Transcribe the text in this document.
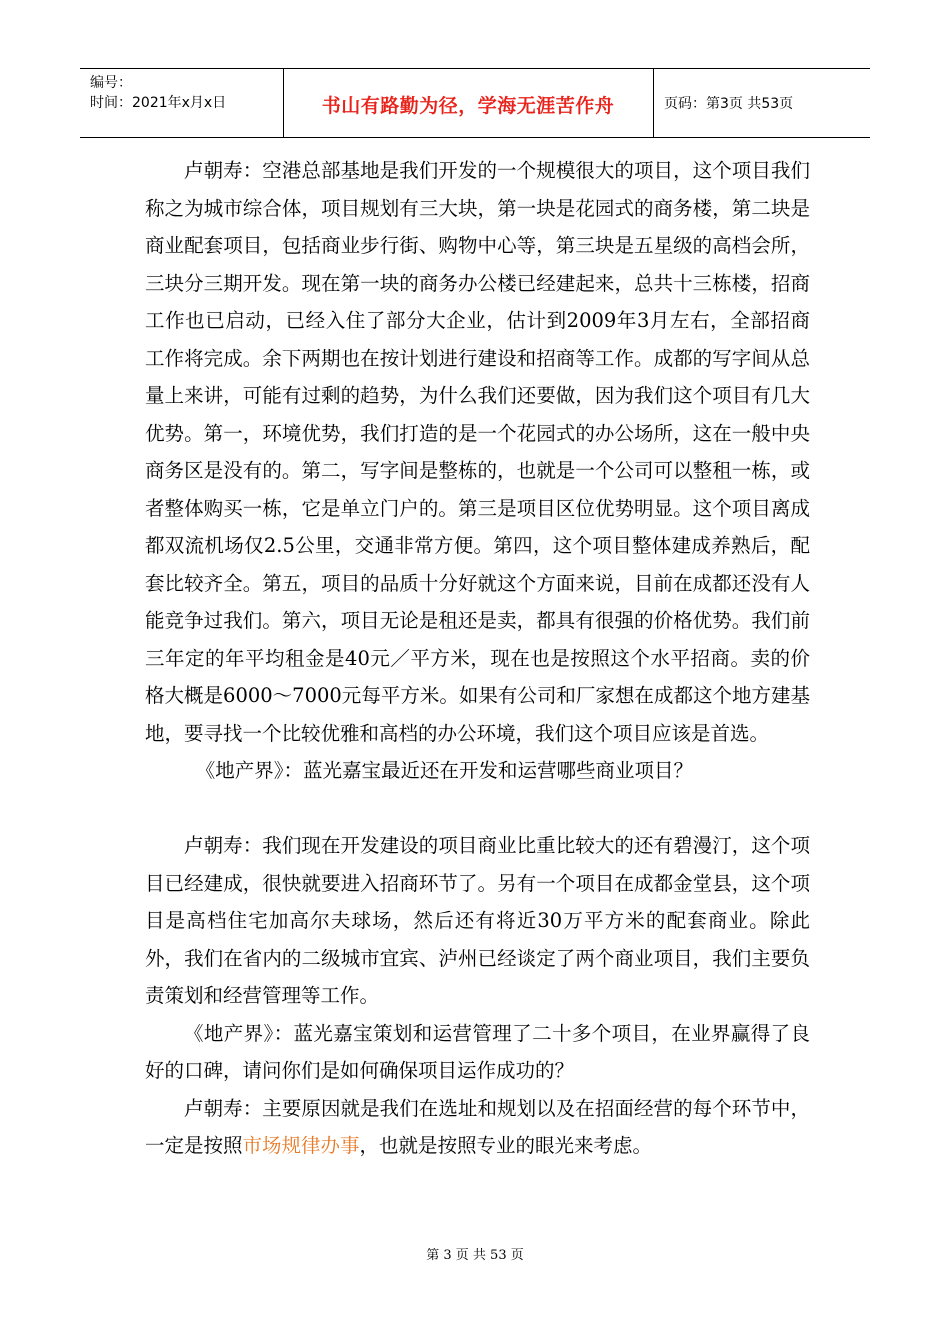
编号：
时间：2021年x月x日	书山有路勤为径，学海无涯苦作舟	页码：第3页 共53页

卢朝寿：空港总部基地是我们开发的一个规模很大的项目，这个项目我们称之为城市综合体，项目规划有三大块，第一块是花园式的商务楼，第二块是商业配套项目，包括商业步行街、购物中心等，第三块是五星级的高档会所，三块分三期开发。现在第一块的商务办公楼已经建起来，总共十三栋楼，招商工作也已启动，已经入住了部分大企业，估计到2009年3月左右，全部招商工作将完成。余下两期也在按计划进行建设和招商等工作。成都的写字间从总量上来讲，可能有过剩的趋势，为什么我们还要做，因为我们这个项目有几大优势。第一，环境优势，我们打造的是一个花园式的办公场所，这在一般中央商务区是没有的。第二，写字间是整栋的，也就是一个公司可以整租一栋，或者整体购买一栋，它是单立门户的。第三是项目区位优势明显。这个项目离成都双流机场仅2.5公里，交通非常方便。第四，这个项目整体建成养熟后，配套比较齐全。第五，项目的品质十分好就这个方面来说，目前在成都还没有人能竞争过我们。第六，项目无论是租还是卖，都具有很强的价格优势。我们前三年定的年平均租金是40元／平方米，现在也是按照这个水平招商。卖的价格大概是6000～7000元每平方米。如果有公司和厂家想在成都这个地方建基地，要寻找一个比较优雅和高档的办公环境，我们这个项目应该是首选。

《地产界》：蓝光嘉宝最近还在开发和运营哪些商业项目？

卢朝寿：我们现在开发建设的项目商业比重比较大的还有碧漫汀，这个项目已经建成，很快就要进入招商环节了。另有一个项目在成都金堂县，这个项目是高档住宅加高尔夫球场，然后还有将近30万平方米的配套商业。除此外，我们在省内的二级城市宜宾、泸州已经谈定了两个商业项目，我们主要负责策划和经营管理等工作。

《地产界》：蓝光嘉宝策划和运营管理了二十多个项目，在业界赢得了良好的口碑，请问你们是如何确保项目运作成功的？

卢朝寿：主要原因就是我们在选址和规划以及在招面经营的每个环节中，一定是按照市场规律办事，也就是按照专业的眼光来考虑。

第 3 页 共 53 页
